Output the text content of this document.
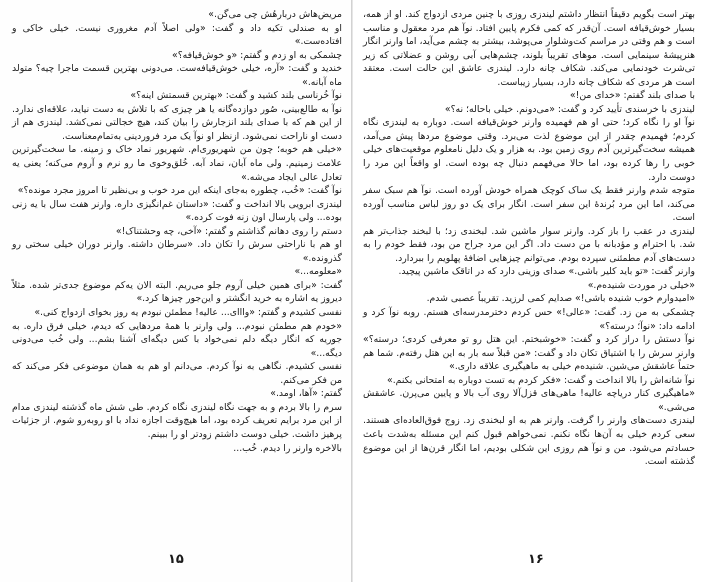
مریض‌هاش دربارهٔش چی می‌گن.»

او به صندلی تکیه داد و گفت: «ولی اصلاً آدم مغروری نیست. خیلی خاکی و افتاده‌ست.»

چشمکی به او زدم و گفتم: «و خوش‌قیافه؟»

خندید و گفت: «آره، خیلی خوش‌قیافه‌ست. می‌دونی بهترین قسمت ماجرا چیه؟ متولد ماه آبانه.»

نوآ خُرناسی بلند کشید و گفت: «بهترین قسمتش اینه؟»

نوآ به طالع‌بینی، صُور دوازده‌گانه یا هر چیزی که با تلاش به دست نیاید، علاقه‌ای ندارد. از این هم که با صدای بلند انزجارش را بیان کند، هیچ خجالتی نمی‌کشد. لیندزی هم از دست او ناراحت نمی‌شود. ازنظر او نوآ یک مرد فروردینی به‌تمام‌معناست.

«خیلی هم خوبه؛ چون من شهریوری‌ام. شهریور نماد خاک و زمینه. ما سخت‌گیرترین علامت زمینیم. ولی ماه آبان، نماد آبه. خُلق‌وخوی ما رو نرم و آروم می‌کنه؛ یعنی یه تعادل عالی ایجاد می‌شه.»

نوآ گفت: «خُب، چطوره به‌جای اینکه این مرد خوب و بی‌نظیر تا امروز مجرد مونده؟»

لیندزی ابرویی بالا انداخت و گفت: «داستان غم‌انگیزی داره. وارنر هفت سال با یه زنی بوده... ولی پارسال اون زنه فوت کرده.»

دستم را روی دهانم گذاشتم و گفتم: «آخی، چه وحشتناک!»

او هم با ناراحتی سرش را تکان داد. «سرطان داشته. وارنر دوران خیلی سختی رو گذرونده.»

«معلومه...»

گفت: «برای همین خیلی آروم جلو می‌ریم. البته الان یه‌کم موضوع جدی‌تر شده. مثلاً دیروز یه اشاره به خرید انگشتر و این‌جور چیزها کرد.»

نفسی کشیدم و گفتم: «وااای... عالیه! مطمئن نبودم یه روز بخوای ازدواج کنی.»

«خودم هم مطمئن نبودم... ولی وارنر با همهٔ مردهایی که دیدم، خیلی فرق داره. به جوریه که انگار دیگه دلم نمی‌خواد با کس دیگه‌ای آشنا بشم... ولی خُب می‌دونی دیگه...»

نفسی کشیدم. نگاهی به نوآ کردم. می‌دانم او هم به همان موضوعی فکر می‌کند که من فکر می‌کنم.

گفتم: «آها، اومد.»

سرم را بالا بردم و به جهت نگاه لیندزی نگاه کردم. طی شش ماه گذشته لیندزی مدام از این مرد برایم تعریف کرده بود، اما هیچ‌وقت اجازه نداد با او روبه‌رو شوم. از جزئیات پرهیز داشت. خیلی دوست داشتم زودتر او را ببینم.

بالاخره وارنر را دیدم. خُب...

۱۵

بهتر است بگویم دقیقاً انتظار داشتم لیندزی روزی با چنین مردی ازدواج کند. او از همه، بسیار خوش‌قیافه است. آن‌قدر که کمی فکرم پایین افتاد. نوآ هم مرد معقول و مناسب است و هم وقتی در مراسم کت‌وشلوار می‌پوشد، بیشتر به چشم می‌آید، اما وارنر انگار هنرپیشهٔ سینمایی است. موهای تقریباً بلوند، چشم‌هایی آبی روشن و عضلاتی که زیر تی‌شرت خودنمایی می‌کند. شکاف چانه دارد. لیندزی عاشق این حالت است. معتقد است هر مردی که شکاف چانه دارد، بسیار زیباست.

با صدای بلند گفتم: «خدای من!»

لیندزی با خرسندی تأیید کرد و گفت: «می‌دونم. خیلی باحاله؛ نه؟»

نوآ او را نگاه کرد؛ حتی او هم فهمیده وارنر خوش‌قیافه است. دوباره به لیندزی نگاه کردم؛ فهمیدم چقدر از این موضوع لذت می‌برد. وقتی موضوع مردها پیش می‌آمد، همیشه سخت‌گیرترین آدم روی زمین بود. به هزار و یک دلیل نامعلوم موقعیت‌های خیلی خوبی را رها کرده بود، اما حالا می‌فهمم دنبال چه بوده است. او واقعاً این مرد را دوست دارد.

متوجه شدم وارنر فقط یک ساک کوچک همراه خودش آورده است. نوآ هم سبک سفر می‌کند، اما این مرد بُرندهٔ این سفر است. انگار برای یک دو روز لباس مناسب آورده است.

لیندزی در عقب را باز کرد. وارنر سوار ماشین شد. لبخندی زد؛ با لبخند جذاب‌تر هم شد. با احترام و مؤدبانه با من دست داد. اگر این مرد جراح من بود، فقط خودم را به دست‌های آدم مطمئنی سپرده بودم. می‌توانم چیزهایی اضافهٔ پهلویم را ببردارد.

وارنر گفت: «تو باید کلیر باشی.» صدای وزینی دارد که در اتاقک ماشین پیچید.

«خیلی در موردت شنیده‌م.»

«امیدوارم خوب شنیده باشی!» صدایم کمی لرزید. تقریباً عصبی شدم.

چشمکی به من زد. گفت: «عالی!» حس کردم دخترمدرسه‌ای هستم. روبه نوآ کرد و ادامه داد: «نوآ؛ درسته؟»

نوآ دستش را دراز کرد و گفت: «خوشبختم. این هتل رو تو معرفی کردی؛ درسته؟» وارنر سرش را با اشتیاق تکان داد و گفت: «من قبلاً سه بار به این هتل رفته‌م. شما هم حتماً عاشقش می‌شین. شنیده‌م خیلی به ماهیگیری علاقه داری.»

نوآ شانه‌اش را بالا انداخت و گفت: «فکر کردم به تست دوباره به امتحانی بکنم.»

«ماهیگیری کنار دریاچه عالیه! ماهی‌های قزل‌آلا روی آب بالا و پایین می‌پرن. عاشقش می‌شی.»

لیندزی دست‌های وارنر را گرفت. وارنر هم به او لبخندی زد. زوج فوق‌العاده‌ای هستند. سعی کردم خیلی به آن‌ها نگاه نکنم. نمی‌خواهم قبول کنم این مسئله به‌شدت باعث حسادتم می‌شود. من و نوآ هم روزی این شکلی بودیم، اما انگار قرن‌ها از این موضوع گذشته است.

۱۶
